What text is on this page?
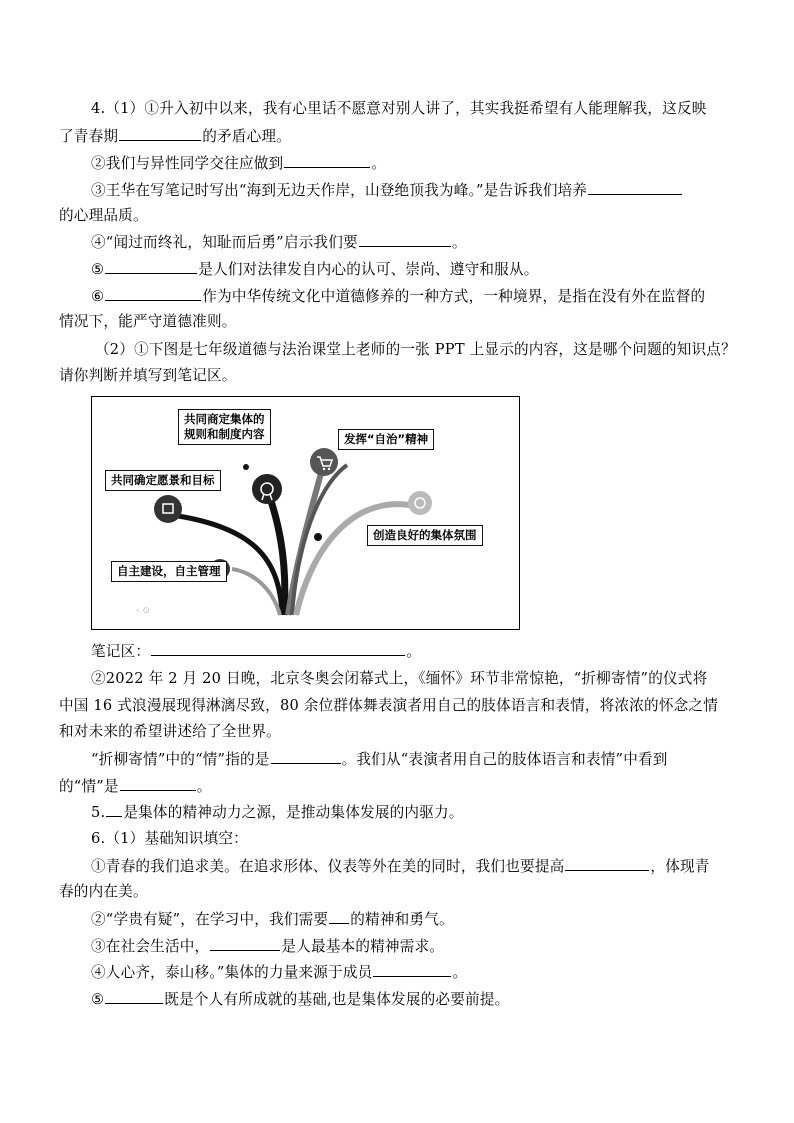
4.（1）①升入初中以来，我有心里话不愿意对别人讲了，其实我挺希望有人能理解我，这反映
了青春期	的矛盾心理。
②我们与异性同学交往应做到	。
③王华在写笔记时写出“海到无边天作岸，山登绝顶我为峰。”是告诉我们培养
的心理品质。
④“闻过而终礼，知耻而后勇”启示我们要	。
⑤	是人们对法律发自内心的认可、崇尚、遵守和服从。
⑥	作为中华传统文化中道德修养的一种方式，一种境界，是指在没有外在监督的
情况下，能严守道德准则。
（2）①下图是七年级道德与法治课堂上老师的一张 PPT 上显示的内容，这是哪个问题的知识点？
请你判断并填写到笔记区。
‹ ⊙
共同商定集体的
规则和制度内容	发挥“自治”精神
共同确定愿景和目标
创造良好的集体氛围
自主建设，自主管理
笔记区：	。
②2022 年 2 月 20 日晚，北京冬奥会闭幕式上，《缅怀》环节非常惊艳，“折柳寄情”的仪式将
中国 16 式浪漫展现得淋漓尽致，80 余位群体舞表演者用自己的肢体语言和表情，将浓浓的怀念之情
和对未来的希望讲述给了全世界。
“折柳寄情”中的“情”指的是	。我们从“表演者用自己的肢体语言和表情”中看到
的“情”是	。
5. 是集体的精神动力之源，是推动集体发展的内驱力。
6.（1）基础知识填空：
①青春的我们追求美。在追求形体、仪表等外在美的同时，我们也要提高	，体现青
春的内在美。
②“学贵有疑”，在学习中，我们需要 的精神和勇气。
③在社会生活中，	是人最基本的精神需求。
④人心齐，泰山移。”集体的力量来源于成员	。
⑤	既是个人有所成就的基础,也是集体发展的必要前提。
